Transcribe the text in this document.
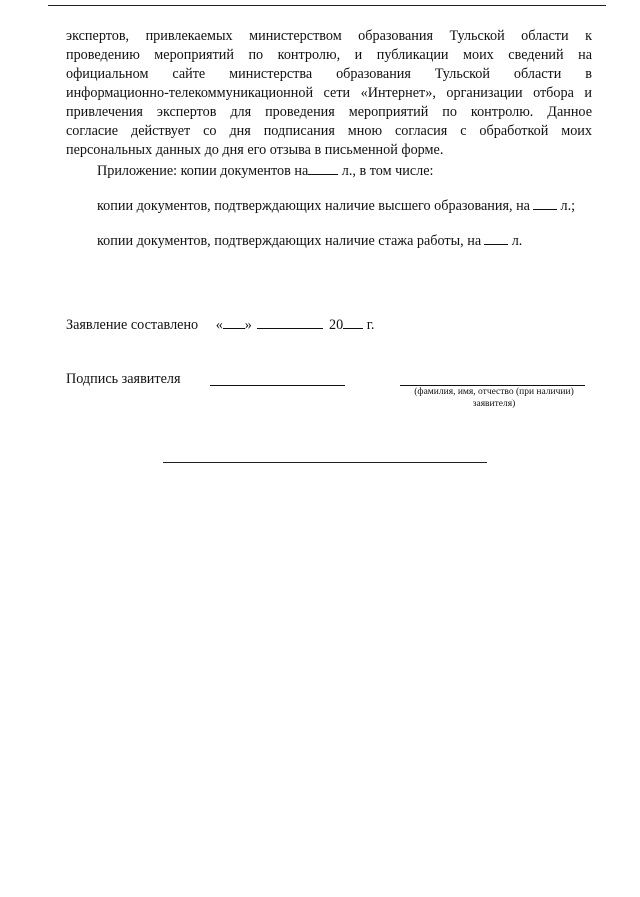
экспертов, привлекаемых министерством образования Тульской области к
проведению мероприятий по контролю, и публикации моих сведений на
официальном сайте министерства образования Тульской области в
информационно-телекоммуникационной сети «Интернет», организации отбора и
привлечения экспертов для проведения мероприятий по контролю. Данное
согласие действует со дня подписания мною согласия с обработкой моих
персональных данных до дня его отзыва в письменной форме.
Приложение: копии документов на л., в том числе:
копии документов, подтверждающих наличие высшего образования, на л.;
копии документов, подтверждающих наличие стажа работы, на л.
Заявление составлено « »	20 г.
Подпись заявителя
(фамилия, имя, отчество (при наличии)
заявителя)
